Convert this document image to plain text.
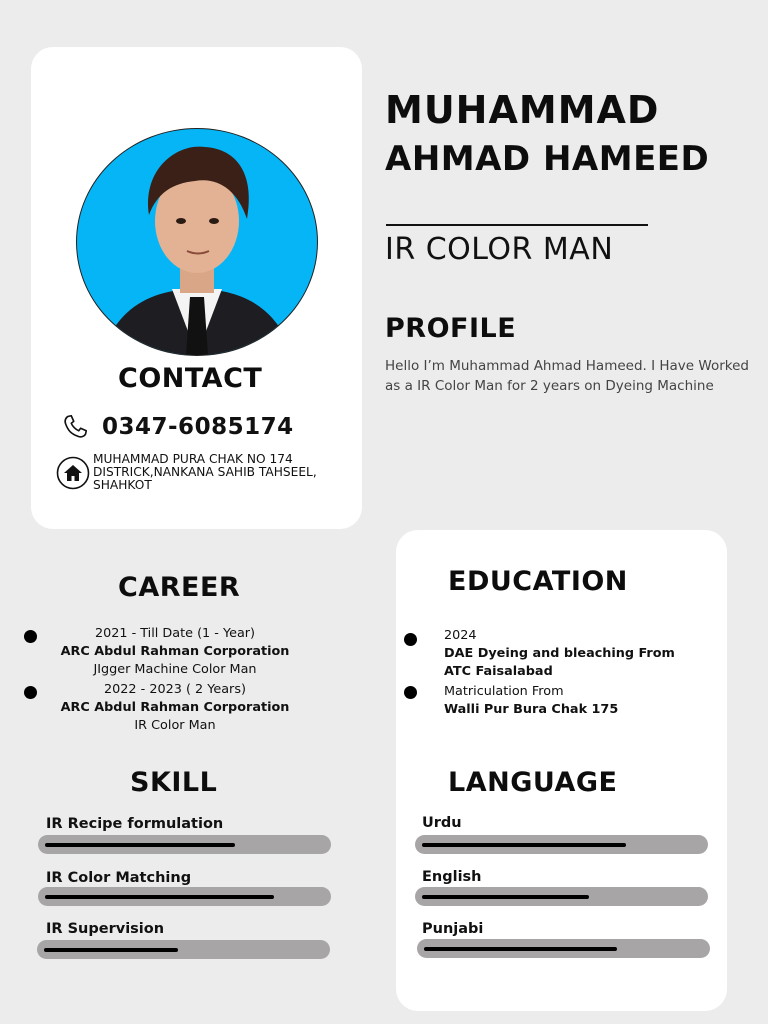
CONTACT
0347-6085174
MUHAMMAD PURA CHAK NO 174 DISTRICK,NANKANA SAHIB TAHSEEL, SHAHKOT
MUHAMMAD
AHMAD HAMEED
IR COLOR MAN
PROFILE
Hello I’m Muhammad Ahmad Hameed. I Have Worked as a IR Color Man for 2 years on Dyeing Machine
CAREER
2021 - Till Date (1 - Year)
ARC Abdul Rahman Corporation
JIgger Machine Color Man
2022 - 2023 ( 2 Years)
ARC Abdul Rahman Corporation
IR Color Man
EDUCATION
2024
DAE Dyeing and bleaching From
ATC Faisalabad
Matriculation From
Walli Pur Bura Chak 175
SKILL
IR Recipe formulation
IR Color Matching
IR Supervision
LANGUAGE
Urdu
English
Punjabi
